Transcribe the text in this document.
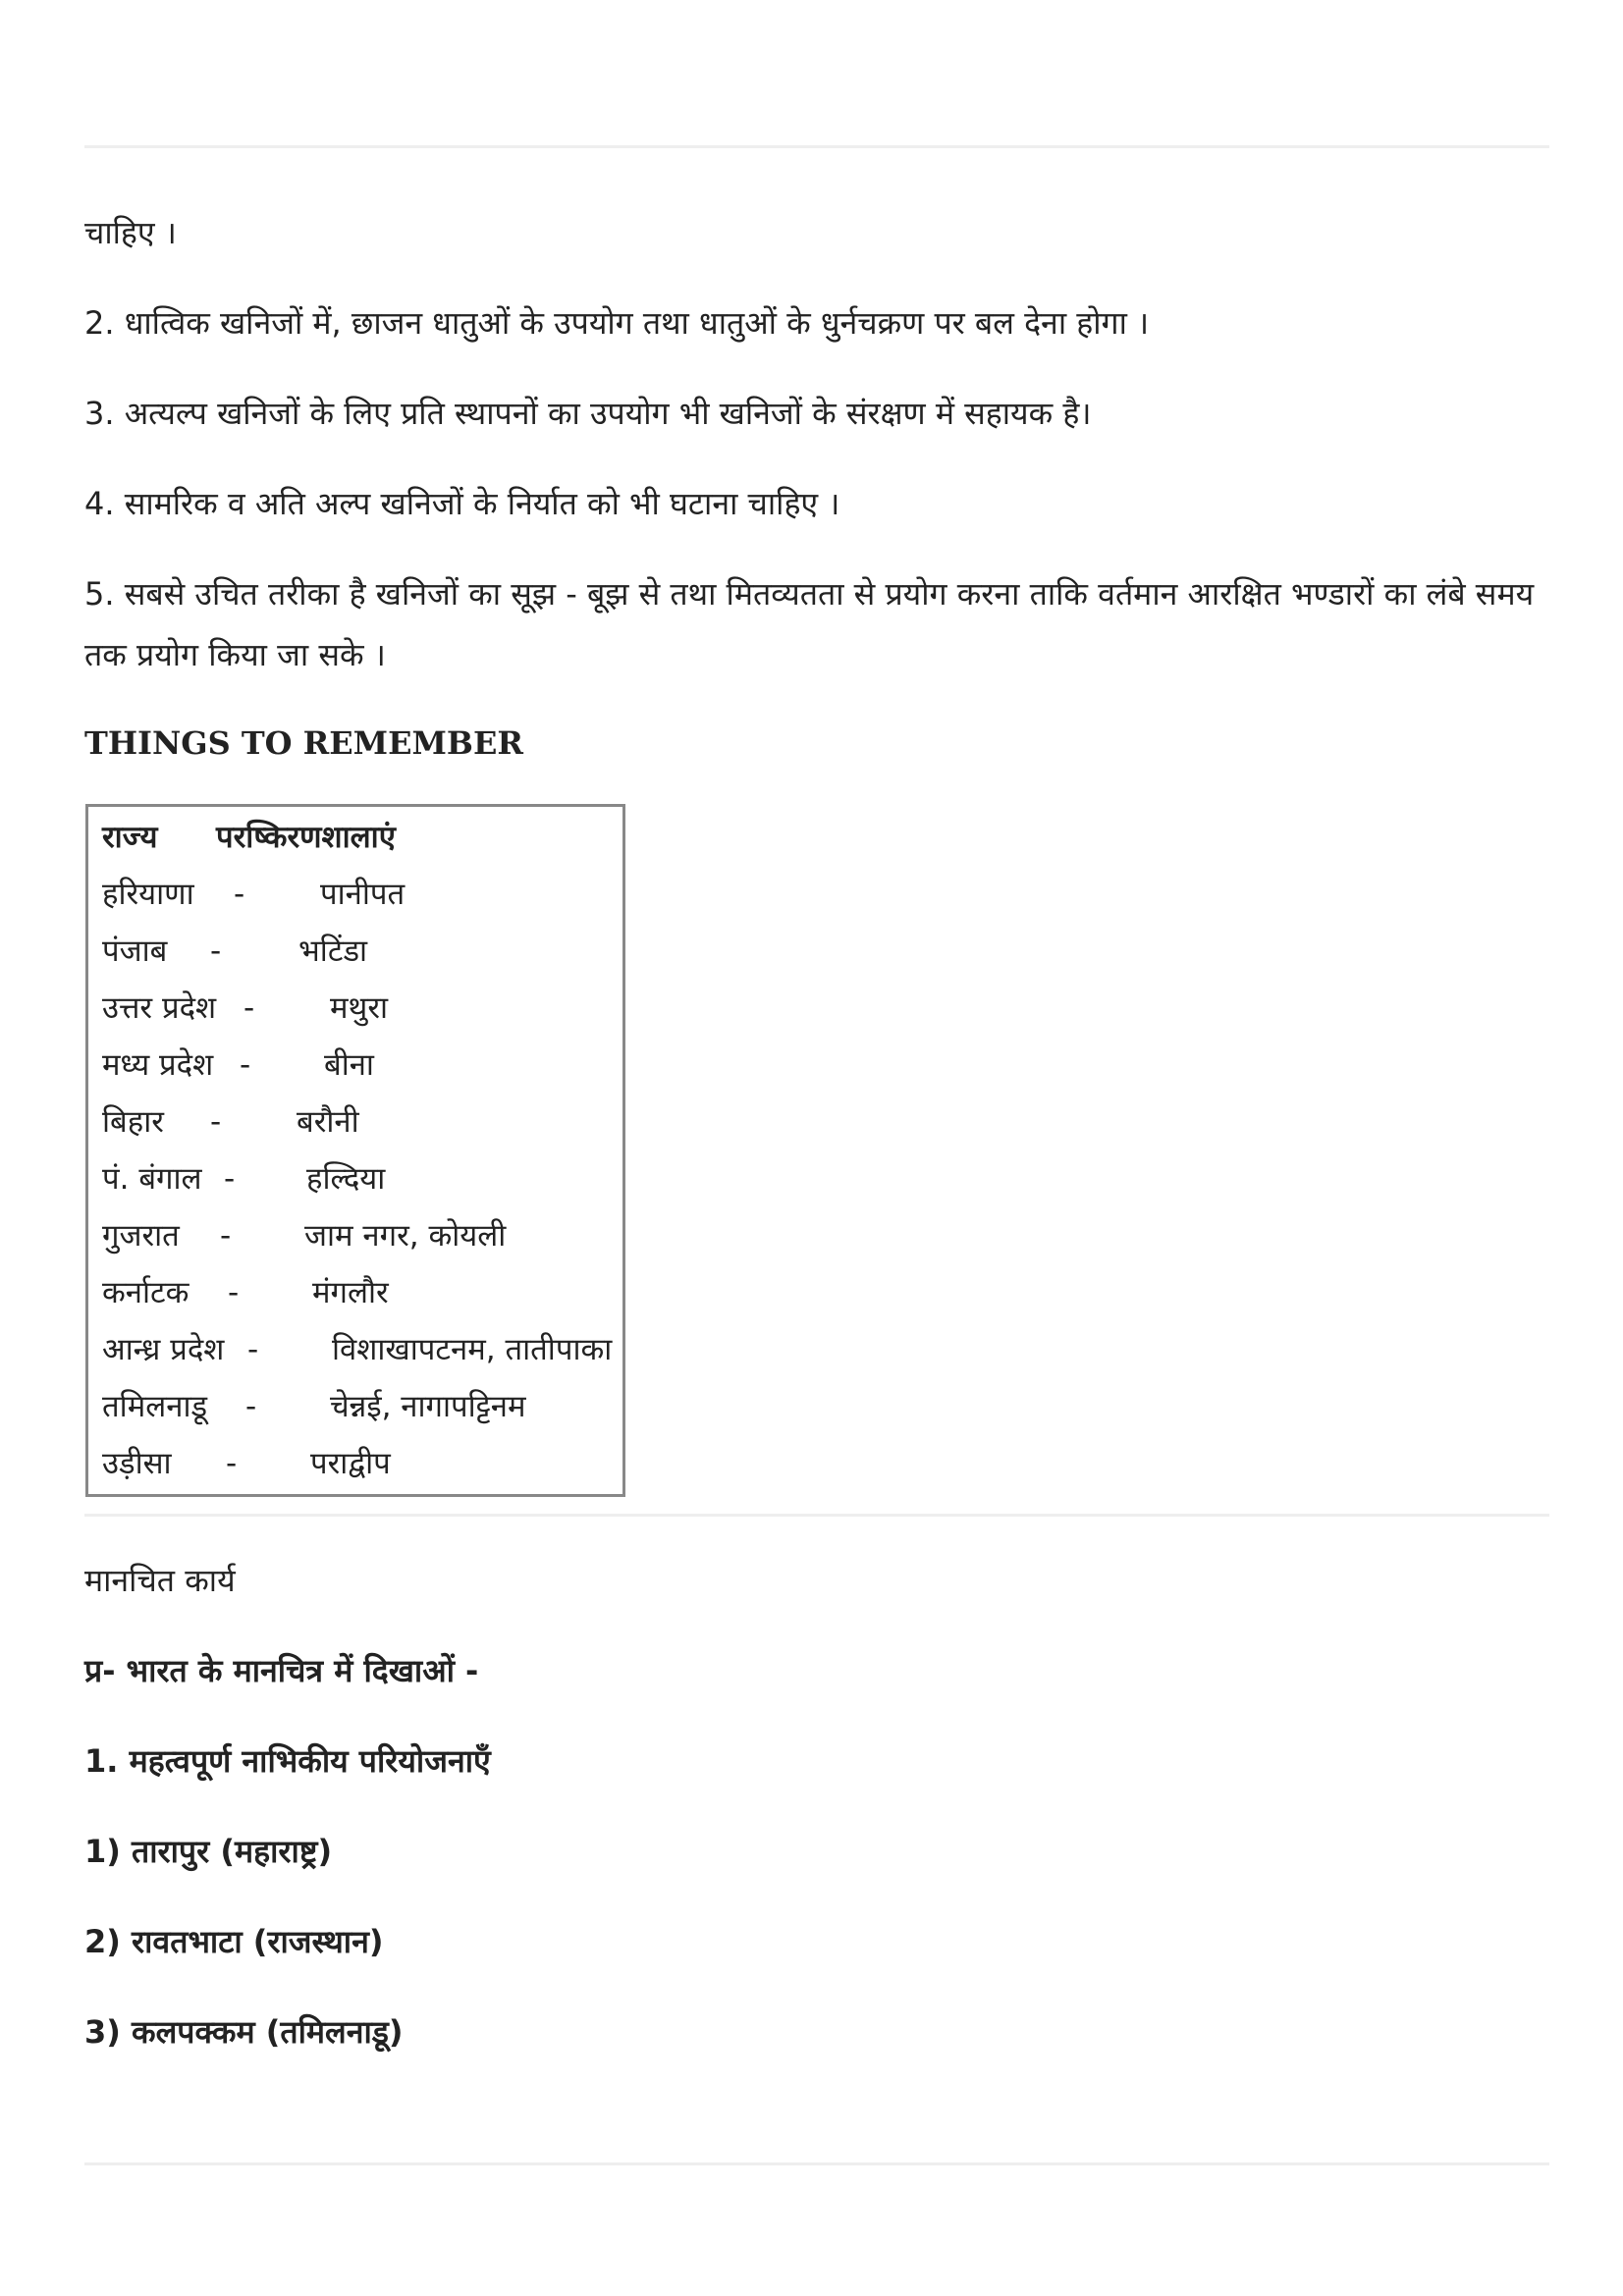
चाहिए ।
2. धात्विक खनिजों में, छाजन धातुओं के उपयोग तथा धातुओं के धुर्नचक्रण पर बल देना होगा ।
3. अत्यल्प खनिजों के लिए प्रति स्थापनों का उपयोग भी खनिजों के संरक्षण में सहायक है।
4. सामरिक व अति अल्प खनिजों के निर्यात को भी घटाना चाहिए ।
5. सबसे उचित तरीका है खनिजों का सूझ - बूझ से तथा मितव्यतता से प्रयोग करना ताकि वर्तमान आरक्षित भण्डारों का लंबे समय तक प्रयोग किया जा सके ।
THINGS TO REMEMBER
राज्य परष्किरणशालाएं
हरियाणा - पानीपत
पंजाब -	भटिंडा
उत्तर प्रदेश - मथुरा
मध्य प्रदेश - बीना
बिहार - बरौनी
पं. बंगाल - हल्दिया
गुजरात - जाम नगर, कोयली
कर्नाटक - मंगलौर
आन्ध्र प्रदेश - विशाखापटनम, तातीपाका
तमिलनाडू - चेन्नई, नागापट्टिनम
उड़ीसा - पराद्वीप
मानचित कार्य
प्र- भारत के मानचित्र में दिखाओं -
1. महत्वपूर्ण नाभिकीय परियोजनाएँ
1) तारापुर (महाराष्ट्र)
2) रावतभाटा (राजस्थान)
3) कलपक्कम (तमिलनाडू)
